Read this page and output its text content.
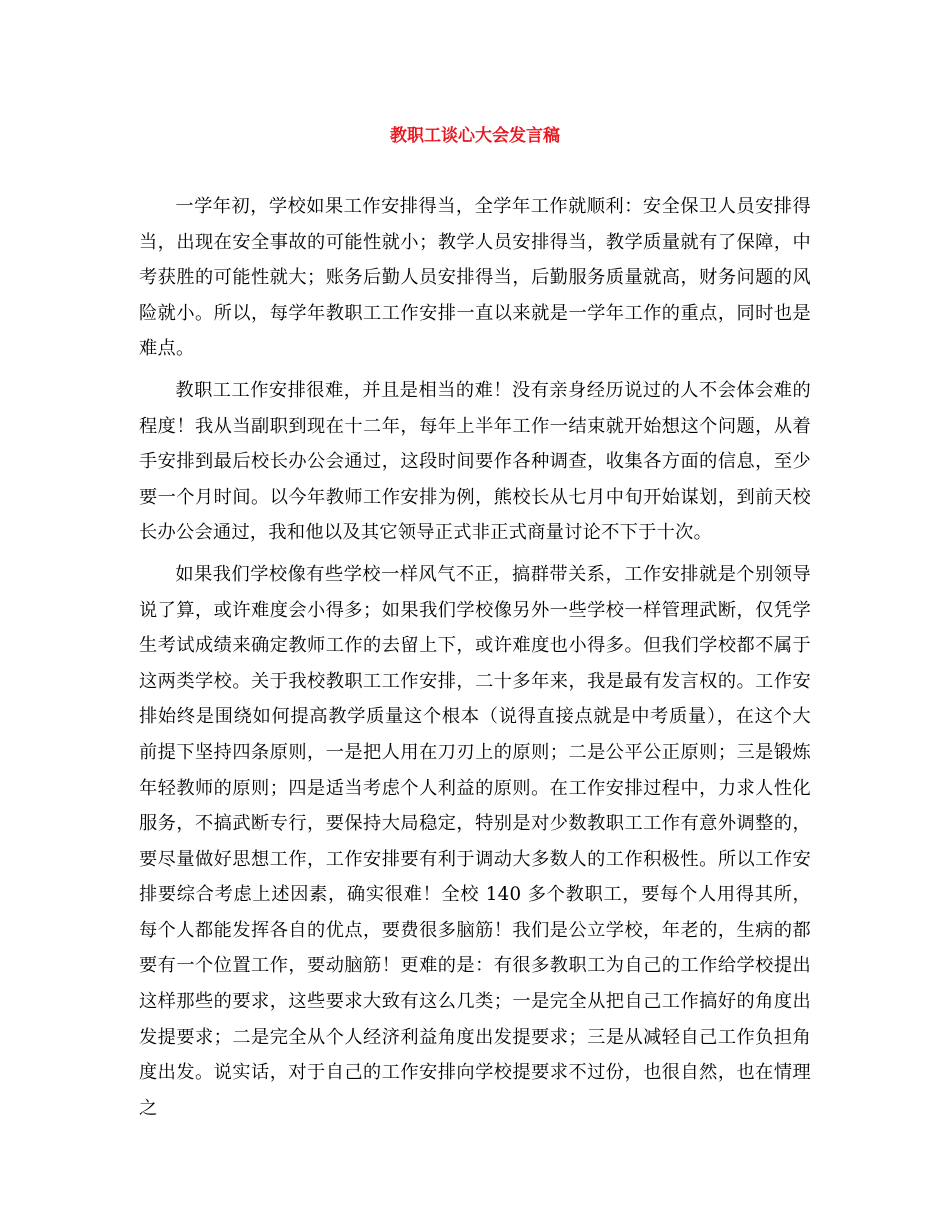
教职工谈心大会发言稿

一学年初，学校如果工作安排得当，全学年工作就顺利：安全保卫人员安排得当，出现在安全事故的可能性就小；教学人员安排得当，教学质量就有了保障，中考获胜的可能性就大；账务后勤人员安排得当，后勤服务质量就高，财务问题的风险就小。所以，每学年教职工工作安排一直以来就是一学年工作的重点，同时也是难点。

教职工工作安排很难，并且是相当的难！没有亲身经历说过的人不会体会难的程度！我从当副职到现在十二年，每年上半年工作一结束就开始想这个问题，从着手安排到最后校长办公会通过，这段时间要作各种调查，收集各方面的信息，至少要一个月时间。以今年教师工作安排为例，熊校长从七月中旬开始谋划，到前天校长办公会通过，我和他以及其它领导正式非正式商量讨论不下于十次。

如果我们学校像有些学校一样风气不正，搞群带关系，工作安排就是个别领导说了算，或许难度会小得多；如果我们学校像另外一些学校一样管理武断，仅凭学生考试成绩来确定教师工作的去留上下，或许难度也小得多。但我们学校都不属于这两类学校。关于我校教职工工作安排，二十多年来，我是最有发言权的。工作安排始终是围绕如何提高教学质量这个根本（说得直接点就是中考质量），在这个大前提下坚持四条原则，一是把人用在刀刃上的原则；二是公平公正原则；三是锻炼年轻教师的原则；四是适当考虑个人利益的原则。在工作安排过程中，力求人性化服务，不搞武断专行，要保持大局稳定，特别是对少数教职工工作有意外调整的，要尽量做好思想工作，工作安排要有利于调动大多数人的工作积极性。所以工作安排要综合考虑上述因素，确实很难！全校 140 多个教职工，要每个人用得其所，每个人都能发挥各自的优点，要费很多脑筋！我们是公立学校，年老的，生病的都要有一个位置工作，要动脑筋！更难的是：有很多教职工为自己的工作给学校提出这样那些的要求，这些要求大致有这么几类；一是完全从把自己工作搞好的角度出发提要求；二是完全从个人经济利益角度出发提要求；三是从减轻自己工作负担角度出发。说实话，对于自己的工作安排向学校提要求不过份，也很自然，也在情理之
